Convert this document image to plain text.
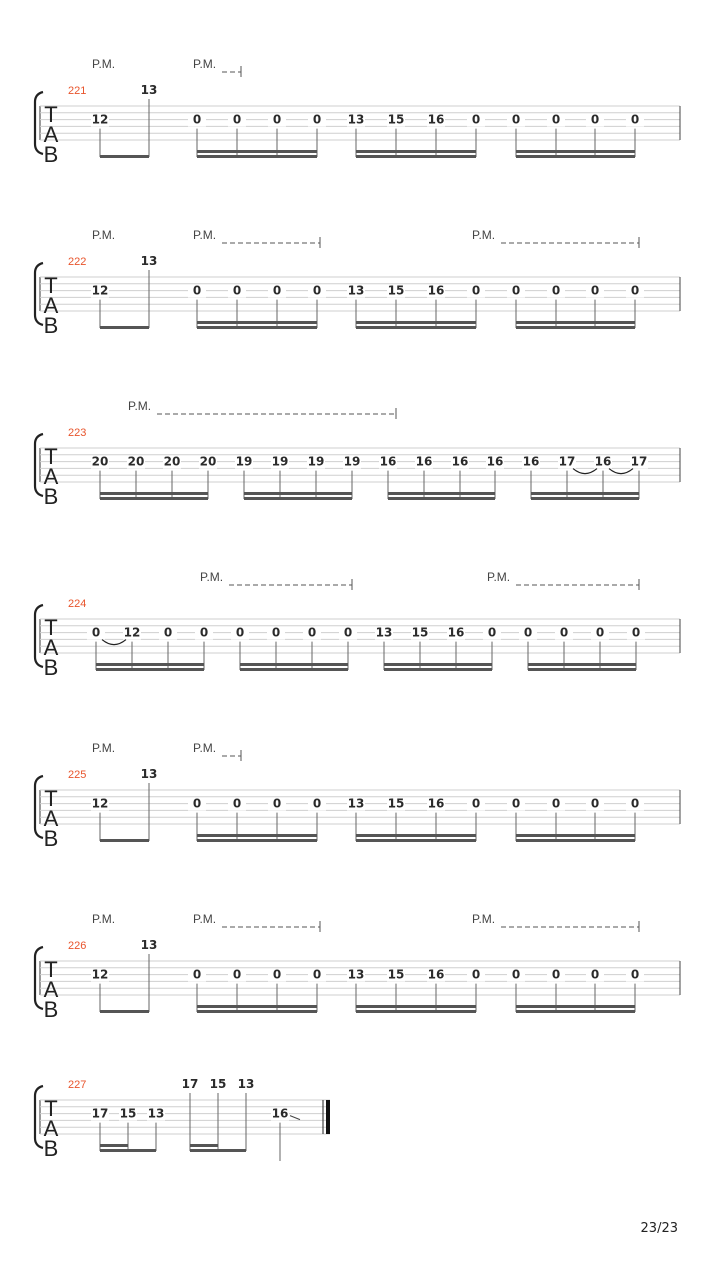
221
P.M.	P.M.
T
A
B
12
13
0	0	0	0 13 15 16 0	0	0	0	0
222
P.M.	P.M.	P.M.
T
A
B
12
13
0	0	0	0 13 15 16 0	0	0	0	0
223
P.M.
T
A
B
20 20 20 20 19 19 19 19 16 16 16 16 16 17 16 17
224
P.M.	P.M.
T
A
B
0 12 0 0 0 0 0 0 13 15 16 0 0 0 0 0
225
P.M.	P.M.
T
A
B
12
13
0	0	0	0 13 15 16 0	0	0	0	0
226
P.M.	P.M.	P.M.
T
A
B
12
13
0	0	0	0 13 15 16 0	0	0	0	0
227
T
A
B
17 15 13
17 15 13
16
23/23
